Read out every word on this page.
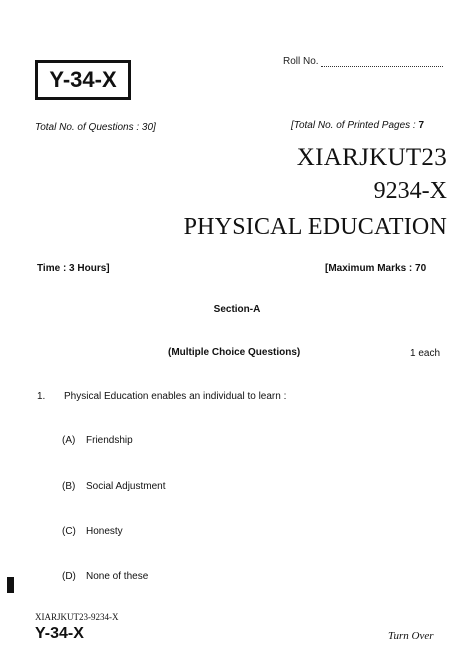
Y-34-X
Roll No.
Total No. of Questions : 30]	[Total No. of Printed Pages : 7
XIARJKUT23
9234-X
PHYSICAL EDUCATION
Time : 3 Hours]	[Maximum Marks : 70
Section-A
(Multiple Choice Questions)	1 each
1. Physical Education enables an individual to learn :
(A) Friendship
(B) Social Adjustment
(C) Honesty
(D) None of these
XIARJKUT23-9234-X
Y-34-X	Turn Over
